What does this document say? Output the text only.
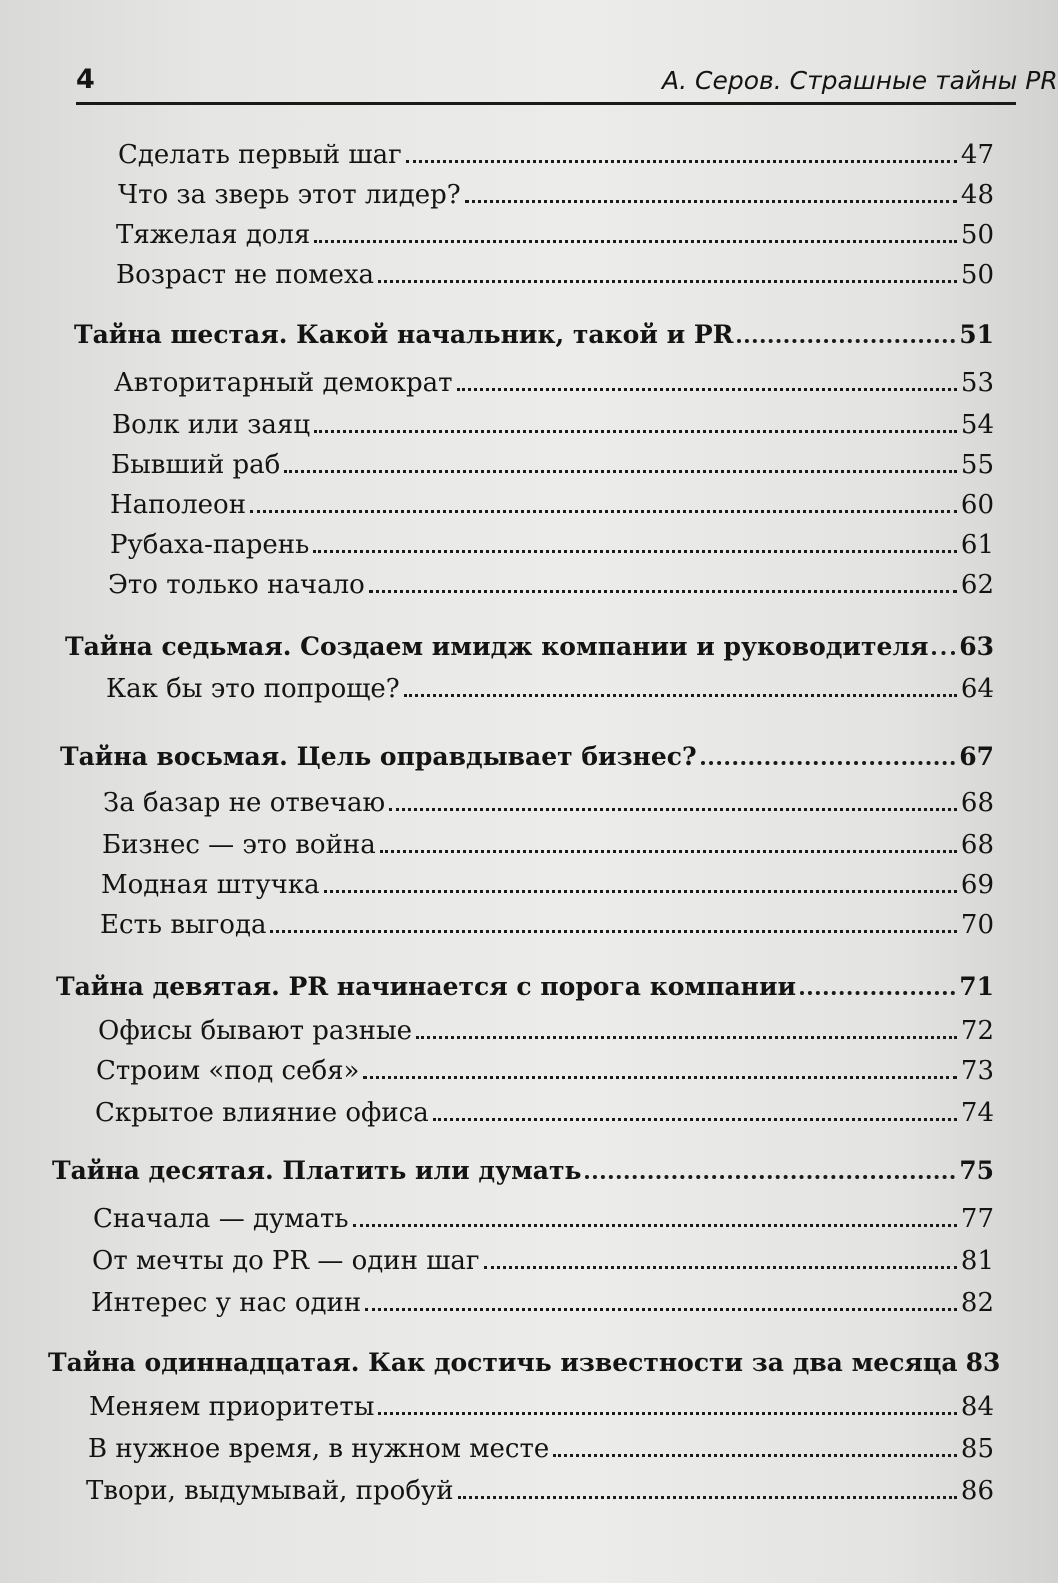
4	А. Серов. Страшные тайны PR
Сделать первый шаг	47
Что за зверь этот лидер?	48
Тяжелая доля	50
Возраст не помеха	50
Тайна шестая. Какой начальник, такой и PR	51
Авторитарный демократ	53
Волк или заяц	54
Бывший раб	55
Наполеон	60
Рубаха-парень	61
Это только начало	62
Тайна седьмая. Создаем имидж компании и руководителя 63
Как бы это попроще?	64
Тайна восьмая. Цель оправдывает бизнес?	67
За базар не отвечаю	68
Бизнес — это война	68
Модная штучка	69
Есть выгода	70
Тайна девятая. PR начинается с порога компании	71
Офисы бывают разные	72
Строим «под себя»	73
Скрытое влияние офиса	74
Тайна десятая. Платить или думать	75
Сначала — думать	77
От мечты до PR — один шаг	81
Интерес у нас один	82
Тайна одиннадцатая. Как достичь известности за два месяца 83
Меняем приоритеты	84
В нужное время, в нужном месте	85
Твори, выдумывай, пробуй	86
